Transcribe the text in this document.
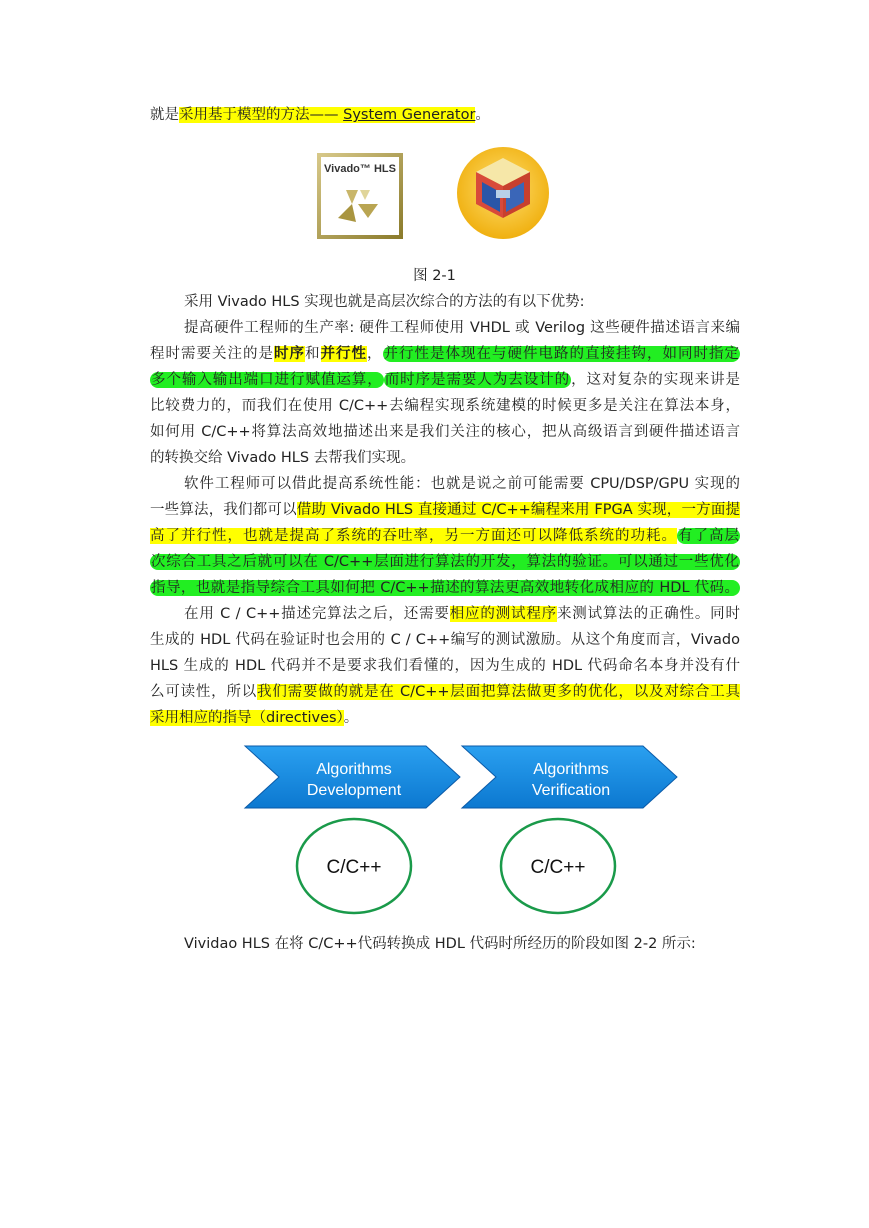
就是采用基于模型的方法—— System Generator。
Vivado™ HLS
图 2-1
采用 Vivado HLS 实现也就是高层次综合的方法的有以下优势:
提高硬件工程师的生产率: 硬件工程师使用 VHDL 或 Verilog 这些硬件描述语言来编
程时需要关注的是时序和并行性，并行性是体现在与硬件电路的直接挂钩，如同时指定
多个输入输出端口进行赋值运算， 而时序是需要人为去设计的，这对复杂的实现来讲是
比较费力的，而我们在使用 C/C++去编程实现系统建模的时候更多是关注在算法本身，
如何用 C/C++将算法高效地描述出来是我们关注的核心，把从高级语言到硬件描述语言
的转换交给 Vivado HLS 去帮我们实现。
软件工程师可以借此提高系统性能：也就是说之前可能需要 CPU/DSP/GPU 实现的
一些算法，我们都可以借助 Vivado HLS 直接通过 C/C++编程来用 FPGA 实现，一方面提
高了并行性，也就是提高了系统的吞吐率，另一方面还可以降低系统的功耗。有了高层
次综合工具之后就可以在 C/C++层面进行算法的开发，算法的验证。可以通过一些优化
指导，也就是指导综合工具如何把 C/C++描述的算法更高效地转化成相应的 HDL 代码。
在用 C / C++描述完算法之后，还需要相应的测试程序来测试算法的正确性。同时
生成的 HDL 代码在验证时也会用的 C / C++编写的测试激励。从这个角度而言，Vivado
HLS 生成的 HDL 代码并不是要求我们看懂的，因为生成的 HDL 代码命名本身并没有什
么可读性，所以我们需要做的就是在 C/C++层面把算法做更多的优化，以及对综合工具
采用相应的指导（directives）。
Algorithms
Development
Algorithms
Verification
C/C++	C/C++
Vividao HLS 在将 C/C++代码转换成 HDL 代码时所经历的阶段如图 2-2 所示:
